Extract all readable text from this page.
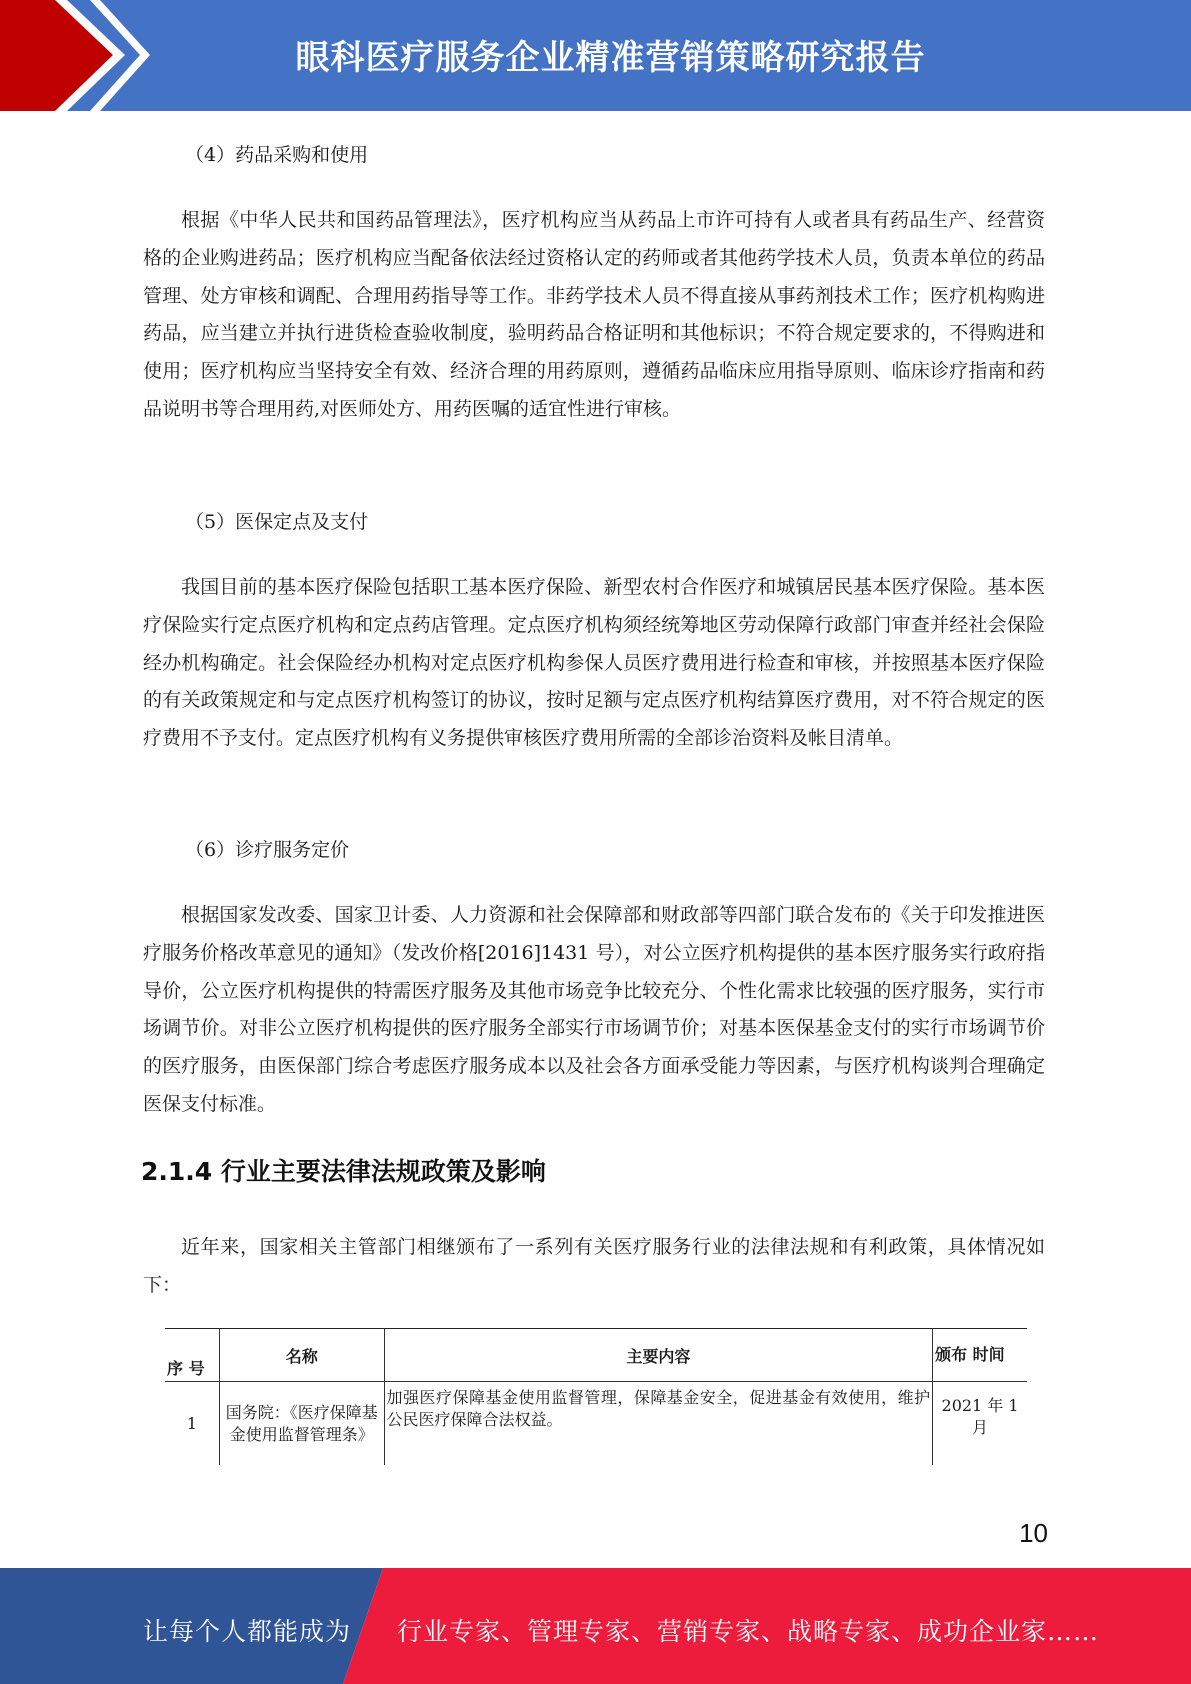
眼科医疗服务企业精准营销策略研究报告

（4）药品采购和使用

根据《中华人民共和国药品管理法》，医疗机构应当从药品上市许可持有人或者具有药品生产、经营资格的企业购进药品；医疗机构应当配备依法经过资格认定的药师或者其他药学技术人员，负责本单位的药品管理、处方审核和调配、合理用药指导等工作。非药学技术人员不得直接从事药剂技术工作；医疗机构购进药品，应当建立并执行进货检查验收制度，验明药品合格证明和其他标识；不符合规定要求的，不得购进和使用；医疗机构应当坚持安全有效、经济合理的用药原则，遵循药品临床应用指导原则、临床诊疗指南和药品说明书等合理用药,对医师处方、用药医嘱的适宜性进行审核。

（5）医保定点及支付

我国目前的基本医疗保险包括职工基本医疗保险、新型农村合作医疗和城镇居民基本医疗保险。基本医疗保险实行定点医疗机构和定点药店管理。定点医疗机构须经统筹地区劳动保障行政部门审查并经社会保险经办机构确定。社会保险经办机构对定点医疗机构参保人员医疗费用进行检查和审核，并按照基本医疗保险的有关政策规定和与定点医疗机构签订的协议，按时足额与定点医疗机构结算医疗费用，对不符合规定的医疗费用不予支付。定点医疗机构有义务提供审核医疗费用所需的全部诊治资料及帐目清单。

（6）诊疗服务定价

根据国家发改委、国家卫计委、人力资源和社会保障部和财政部等四部门联合发布的《关于印发推进医疗服务价格改革意见的通知》（发改价格[2016]1431 号），对公立医疗机构提供的基本医疗服务实行政府指导价，公立医疗机构提供的特需医疗服务及其他市场竞争比较充分、个性化需求比较强的医疗服务，实行市场调节价。对非公立医疗机构提供的医疗服务全部实行市场调节价；对基本医保基金支付的实行市场调节价的医疗服务，由医保部门综合考虑医疗服务成本以及社会各方面承受能力等因素，与医疗机构谈判合理确定医保支付标准。

2.1.4 行业主要法律法规政策及影响

近年来，国家相关主管部门相继颁布了一系列有关医疗服务行业的法律法规和有利政策，具体情况如下：

序 号	名称	主要内容	颁布 时间
1	国务院：《医疗保障基金使用监督管理条》	加强医疗保障基金使用监督管理，保障基金安全，促进基金有效使用，维护公民医疗保障合法权益。	2021 年 1 月
10
让每个人都能成为 行业专家、管理专家、营销专家、战略专家、成功企业家……
